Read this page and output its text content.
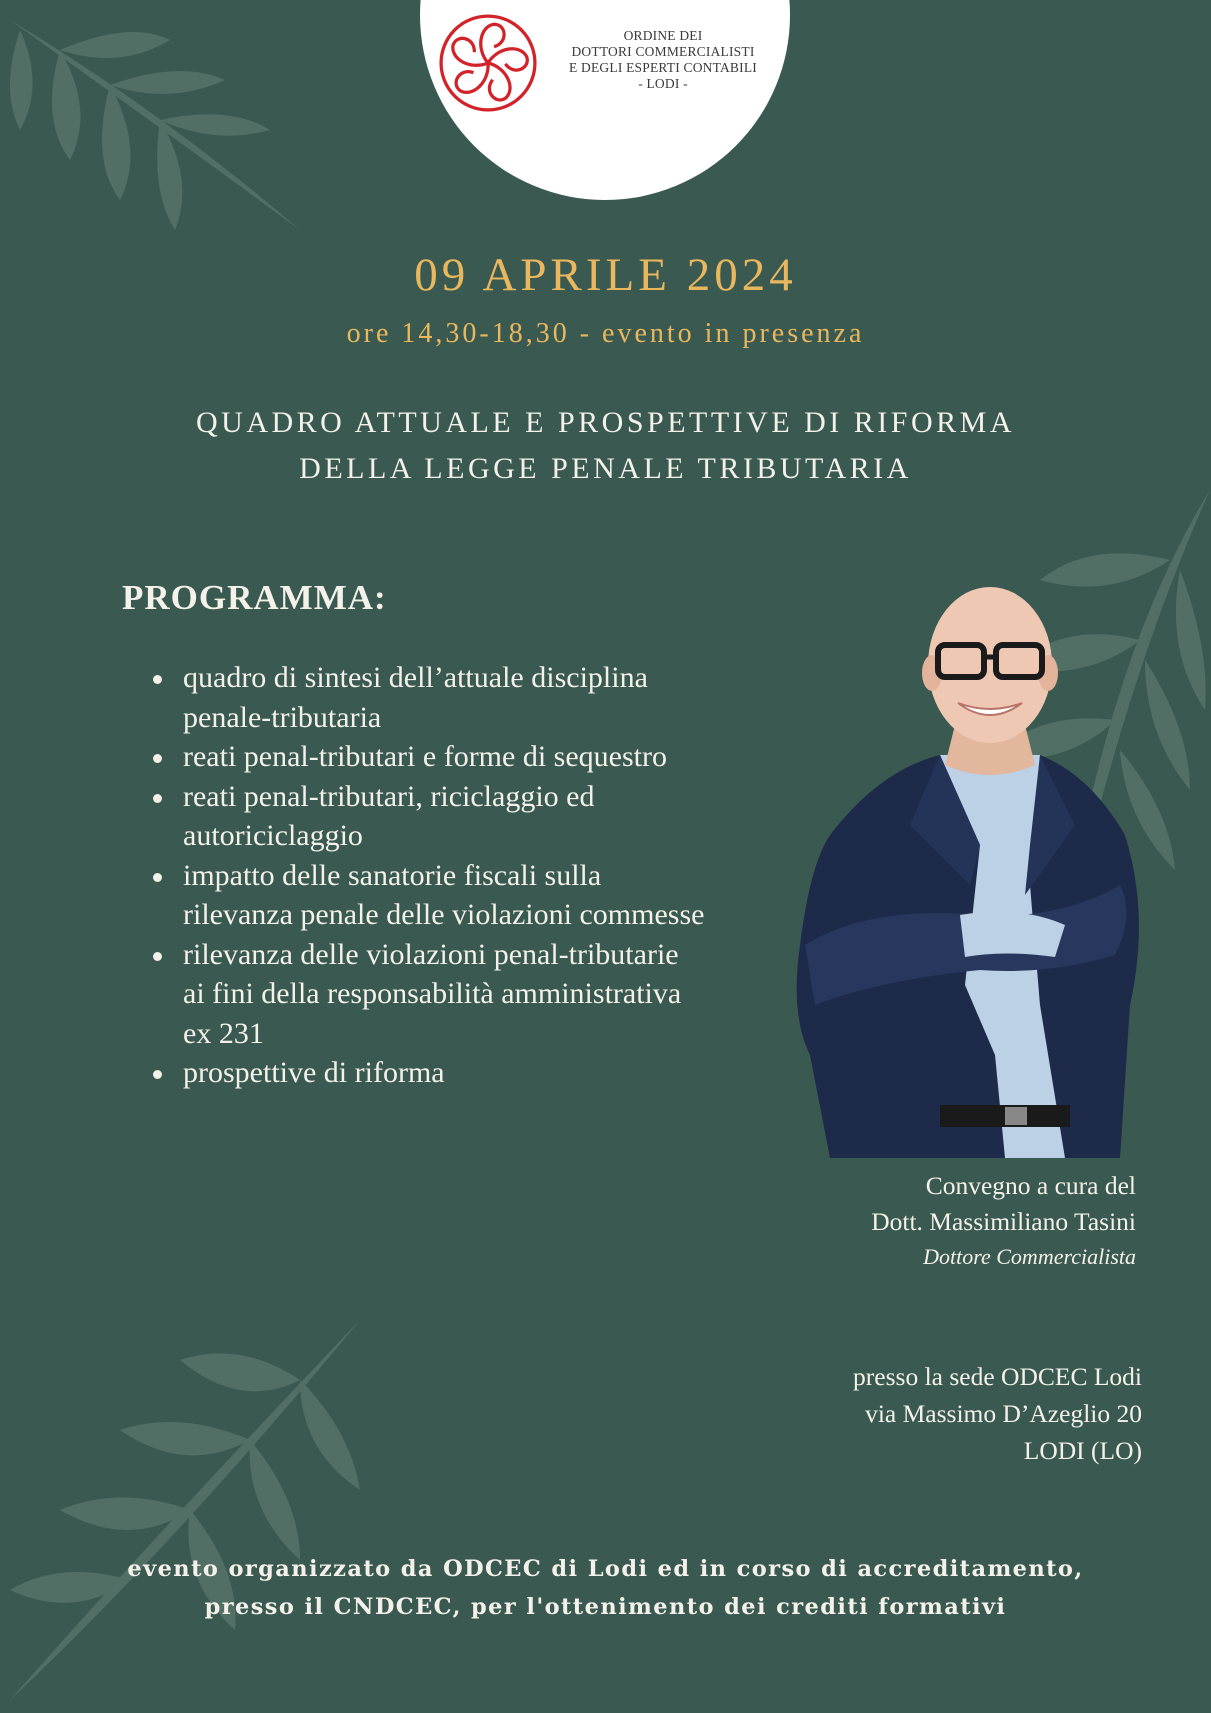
ORDINE DEI
DOTTORI COMMERCIALISTI
E DEGLI ESPERTI CONTABILI
- LODI -
09 APRILE 2024
ore 14,30-18,30 - evento in presenza
QUADRO ATTUALE E PROSPETTIVE DI RIFORMA
DELLA LEGGE PENALE TRIBUTARIA
PROGRAMMA:
quadro di sintesi dell’attuale disciplina penale-tributaria
reati penal-tributari e forme di sequestro
reati penal-tributari, riciclaggio ed autoriciclaggio
impatto delle sanatorie fiscali sulla rilevanza penale delle violazioni commesse
rilevanza delle violazioni penal-tributarie ai fini della responsabilità amministrativa ex 231
prospettive di riforma
Convegno a cura del
Dott. Massimiliano Tasini
Dottore Commercialista
presso la sede ODCEC Lodi
via Massimo D’Azeglio 20
LODI (LO)
evento organizzato da ODCEC di Lodi ed in corso di accreditamento,
presso il CNDCEC, per l'ottenimento dei crediti formativi
